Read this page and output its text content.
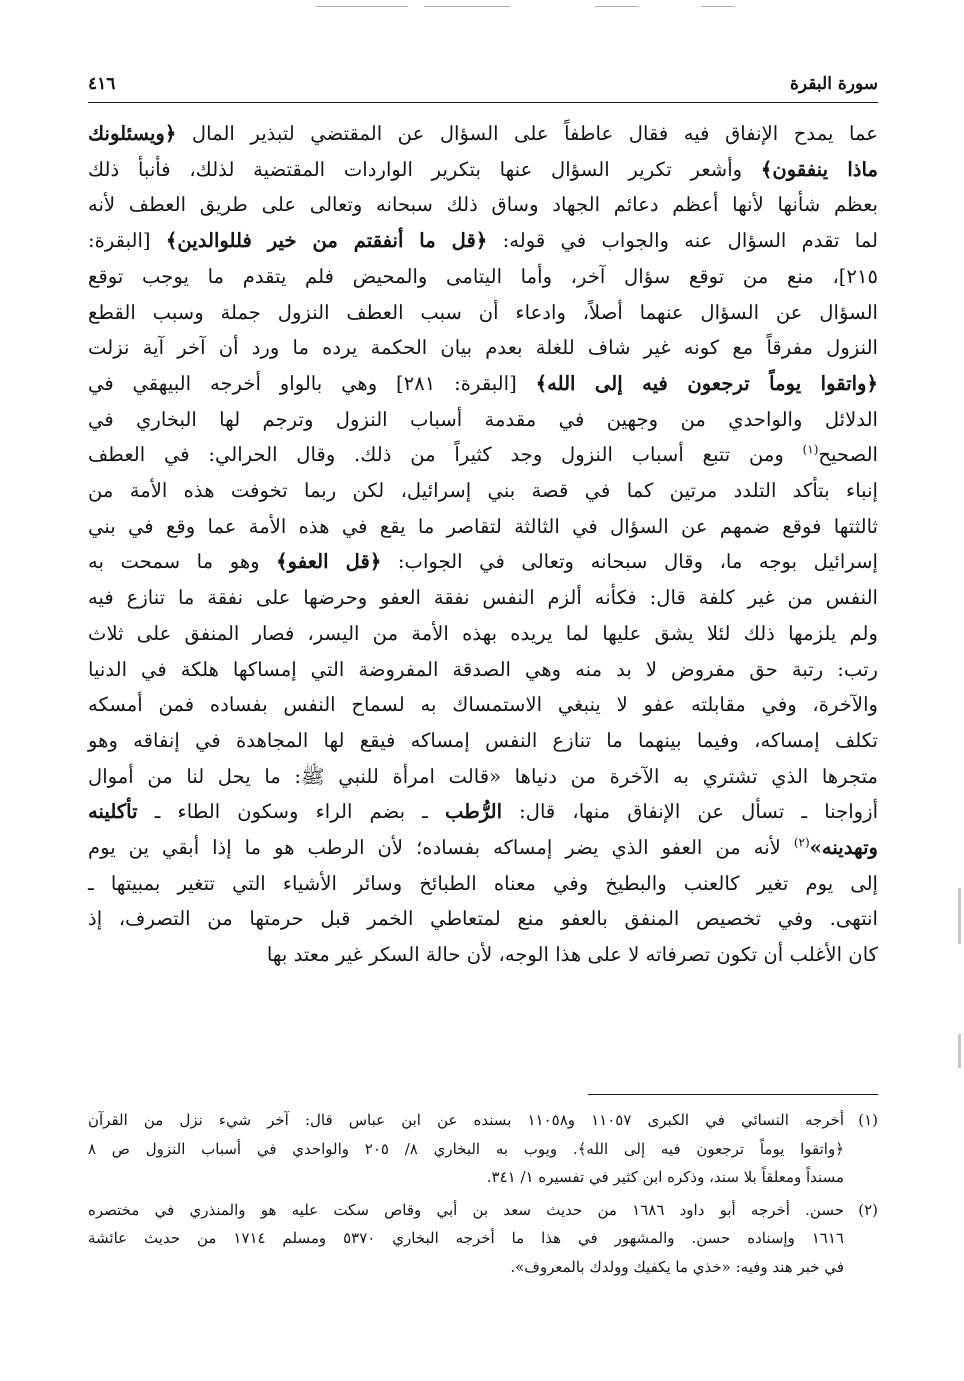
سورة البقرة
٤١٦
عما يمدح الإنفاق فيه فقال عاطفاً على السؤال عن المقتضي لتبذير المال ﴿ويسئلونك
ماذا ينفقون﴾ وأشعر تكرير السؤال عنها بتكرير الواردات المقتضية لذلك، فأنبأ ذلك
بعظم شأنها لأنها أعظم دعائم الجهاد وساق ذلك سبحانه وتعالى على طريق العطف لأنه
لما تقدم السؤال عنه والجواب في قوله: ﴿قل ما أنفقتم من خير فللوالدين﴾ [البقرة:
٢١٥]، منع من توقع سؤال آخر، وأما اليتامى والمحيض فلم يتقدم ما يوجب توقع
السؤال عن السؤال عنهما أصلاً، وادعاء أن سبب العطف النزول جملة وسبب القطع
النزول مفرقاً مع كونه غير شاف للغلة بعدم بيان الحكمة يرده ما ورد أن آخر آية نزلت
﴿واتقوا يوماً ترجعون فيه إلى الله﴾ [البقرة: ٢٨١] وهي بالواو أخرجه البيهقي في
الدلائل والواحدي من وجهين في مقدمة أسباب النزول وترجم لها البخاري في
الصحيح$^{(١)}$ ومن تتبع أسباب النزول وجد كثيراً من ذلك. وقال الحرالي: في العطف
إنباء بتأكد التلدد مرتين كما في قصة بني إسرائيل، لكن ربما تخوفت هذه الأمة من
ثالثتها فوقع ضمهم عن السؤال في الثالثة لتقاصر ما يقع في هذه الأمة عما وقع في بني
إسرائيل بوجه ما، وقال سبحانه وتعالى في الجواب: ﴿قل العفو﴾ وهو ما سمحت به
النفس من غير كلفة قال: فكأنه ألزم النفس نفقة العفو وحرضها على نفقة ما تنازع فيه
ولم يلزمها ذلك لئلا يشق عليها لما يريده بهذه الأمة من اليسر، فصار المنفق على ثلاث
رتب: رتبة حق مفروض لا بد منه وهي الصدقة المفروضة التي إمساكها هلكة في الدنيا
والآخرة، وفي مقابلته عفو لا ينبغي الاستمساك به لسماح النفس بفساده فمن أمسكه
تكلف إمساكه، وفيما بينهما ما تنازع النفس إمساكه فيقع لها المجاهدة في إنفاقه وهو
متجرها الذي تشتري به الآخرة من دنياها «قالت امرأة للنبي ﷺ: ما يحل لنا من أموال
أزواجنا ـ تسأل عن الإنفاق منها، قال: الرُّطب ـ بضم الراء وسكون الطاء ـ تأكلينه
وتهدينه»$^{(٢)}$ لأنه من العفو الذي يضر إمساكه بفساده؛ لأن الرطب هو ما إذا أبقي ين يوم
إلى يوم تغير كالعنب والبطيخ وفي معناه الطبائخ وسائر الأشياء التي تتغير بمبيتها ـ
انتهى. وفي تخصيص المنفق بالعفو منع لمتعاطي الخمر قبل حرمتها من التصرف، إذ
كان الأغلب أن تكون تصرفاته لا على هذا الوجه، لأن حالة السكر غير معتد بها
(١)
أخرجه النسائي في الكبرى ١١٠٥٧ و١١٠٥٨ بسنده عن ابن عباس قال: آخر شيء نزل من القرآن
﴿واتقوا يوماً ترجعون فيه إلى الله﴾. ويوب به البخاري ٨/ ٢٠٥ والواحدي في أسباب النزول ص ٨
مسنداً ومعلقاً بلا سند، وذكره ابن كثير في تفسيره ١/ ٣٤١.
(٢)
حسن. أخرجه أبو داود ١٦٨٦ من حديث سعد بن أبي وقاص سكت عليه هو والمنذري في مختصره
١٦١٦ وإسناده حسن. والمشهور في هذا ما أخرجه البخاري ٥٣٧٠ ومسلم ١٧١٤ من حديث عائشة
في خبر هند وفيه: «خذي ما يكفيك وولدك بالمعروف».
